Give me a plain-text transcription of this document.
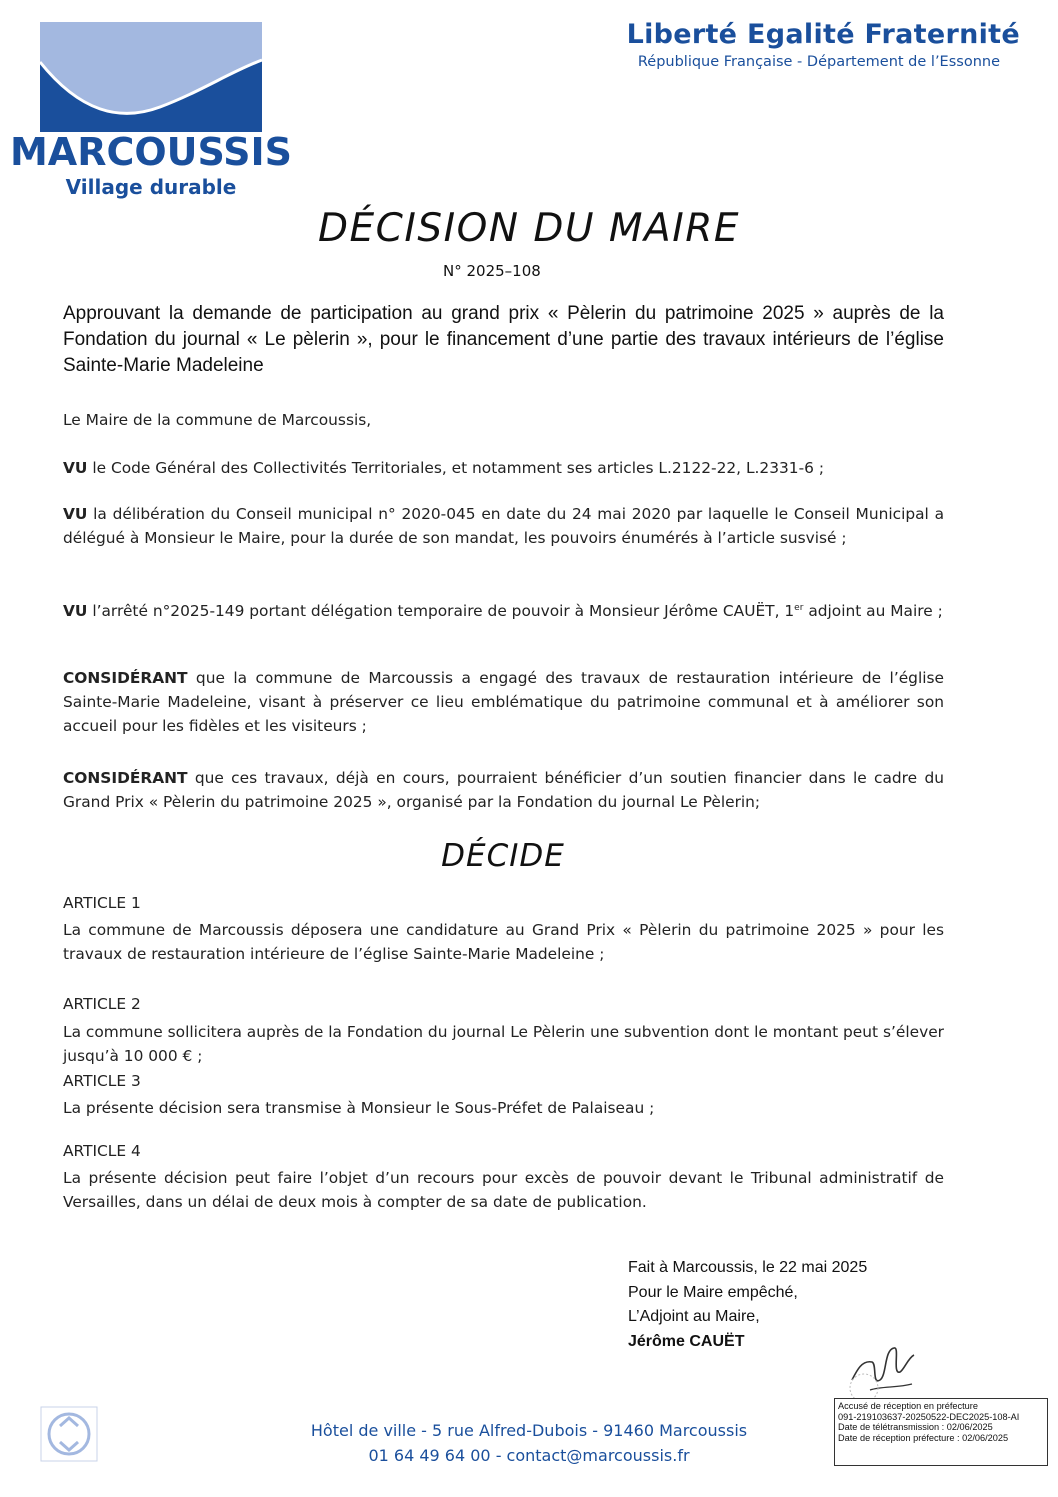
MARCOUSSIS
Village durable
Liberté Egalité Fraternité
République Française - Département de l’Essonne
DÉCISION DU MAIRE
N° 2025–108
Approuvant la demande de participation au grand prix « Pèlerin du patrimoine 2025 » auprès de la Fondation du journal « Le pèlerin », pour le financement d’une partie des travaux intérieurs de l’église Sainte-Marie Madeleine
Le Maire de la commune de Marcoussis,
VU le Code Général des Collectivités Territoriales, et notamment ses articles L.2122-22, L.2331-6 ;
VU la délibération du Conseil municipal n° 2020-045 en date du 24 mai 2020 par laquelle le Conseil Municipal a délégué à Monsieur le Maire, pour la durée de son mandat, les pouvoirs énumérés à l’article susvisé ;
VU l’arrêté n°2025-149 portant délégation temporaire de pouvoir à Monsieur Jérôme CAUËT, 1er adjoint au Maire ;
CONSIDÉRANT que la commune de Marcoussis a engagé des travaux de restauration intérieure de l’église Sainte-Marie Madeleine, visant à préserver ce lieu emblématique du patrimoine communal et à améliorer son accueil pour les fidèles et les visiteurs ;
CONSIDÉRANT que ces travaux, déjà en cours, pourraient bénéficier d’un soutien financier dans le cadre du Grand Prix « Pèlerin du patrimoine 2025 », organisé par la Fondation du journal Le Pèlerin;
DÉCIDE
ARTICLE 1
La commune de Marcoussis déposera une candidature au Grand Prix « Pèlerin du patrimoine 2025 » pour les travaux de restauration intérieure de l’église Sainte-Marie Madeleine ;
ARTICLE 2
La commune sollicitera auprès de la Fondation du journal Le Pèlerin une subvention dont le montant peut s’élever jusqu’à 10 000 € ;
ARTICLE 3
La présente décision sera transmise à Monsieur le Sous-Préfet de Palaiseau ;
ARTICLE 4
La présente décision peut faire l’objet d’un recours pour excès de pouvoir devant le Tribunal administratif de Versailles, dans un délai de deux mois à compter de sa date de publication.
Fait à Marcoussis, le 22 mai 2025
Pour le Maire empêché,
L’Adjoint au Maire,
Jérôme CAUËT
Hôtel de ville - 5 rue Alfred-Dubois - 91460 Marcoussis
01 64 49 64 00 - contact@marcoussis.fr
Accusé de réception en préfecture
091-219103637-20250522-DEC2025-108-AI
Date de télétransmission : 02/06/2025
Date de réception préfecture : 02/06/2025
